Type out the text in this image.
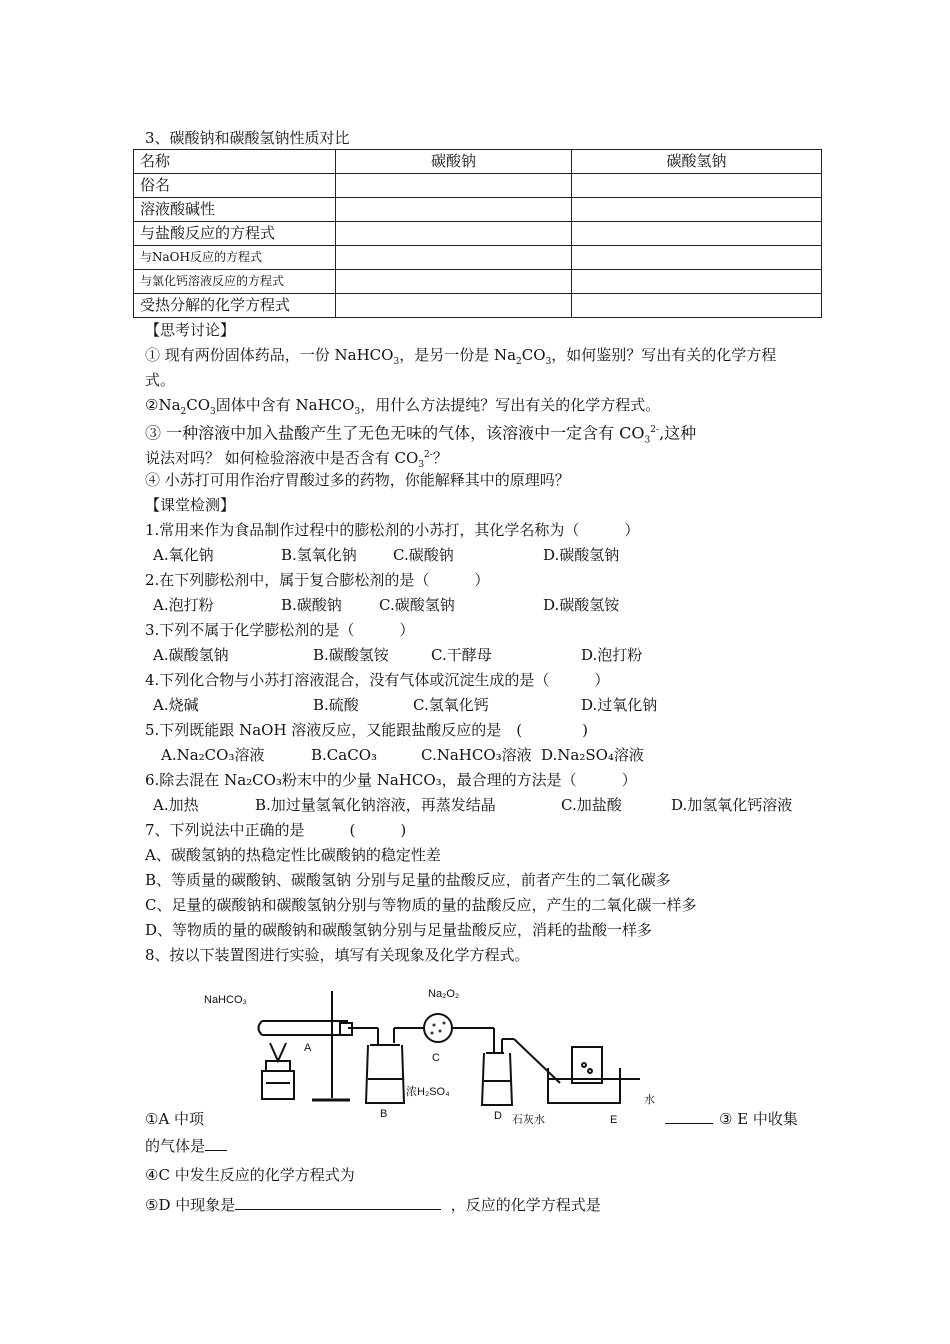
3、碳酸钠和碳酸氢钠性质对比
名称	碳酸钠	碳酸氢钠
俗名		
溶液酸碱性		
与盐酸反应的方程式		
与NaOH反应的方程式		
与氯化钙溶液反应的方程式		
受热分解的化学方程式		
【思考讨论】
① 现有两份固体药品，一份 NaHCO$_3$，是另一份是 $Na_2CO_3$，如何鉴别？写出有关的化学方程
式。
$②Na_2CO_3$固体中含有 NaHCO$_3$，用什么方法提纯？写出有关的化学方程式。
③ 一种溶液中加入盐酸产生了无色无味的气体，该溶液中一定含有 $CO_3^{2-}$,这种
说法对吗？ 如何检验溶液中是否含有 $CO_3^{2-}$？
④ 小苏打可用作治疗胃酸过多的药物，你能解释其中的原理吗？
【课堂检测】
1.常用来作为食品制作过程中的膨松剂的小苏打，其化学名称为（　　　）
A.氧化钠	B.氢氧化钠	C.碳酸钠	D.碳酸氢钠
2.在下列膨松剂中，属于复合膨松剂的是（　　　）
A.泡打粉	B.碳酸钠	C.碳酸氢钠	D.碳酸氢铵
3.下列不属于化学膨松剂的是（　　　）
A.碳酸氢钠	B.碳酸氢铵	C.干酵母	D.泡打粉
4.下列化合物与小苏打溶液混合，没有气体或沉淀生成的是（　　　）
A.烧碱	B.硫酸	C.氢氧化钙	D.过氧化钠
5.下列既能跟 NaOH 溶液反应，又能跟盐酸反应的是　(　　　　)
A.Na₂CO₃溶液	B.CaCO₃	C.NaHCO₃溶液 D.Na₂SO₄溶液
6.除去混在 Na₂CO₃粉末中的少量 NaHCO₃，最合理的方法是（　　　）
A.加热	B.加过量氢氧化钠溶液，再蒸发结晶	C.加盐酸	D.加氢氧化钙溶液
7、下列说法中正确的是　　　(　　　)
A、碳酸氢钠的热稳定性比碳酸钠的稳定性差
B、等质量的碳酸钠、碳酸氢钠 分别与足量的盐酸反应，前者产生的二氧化碳多
C、足量的碳酸钠和碳酸氢钠分别与等物质的量的盐酸反应，产生的二氧化碳一样多
D、等物质的量的碳酸钠和碳酸氢钠分别与足量盐酸反应，消耗的盐酸一样多
8、按以下装置图进行实验，填写有关现象及化学方程式。
NaHCO₃	Na₂O₂
A
C
浓H₂SO₄
B	D 石灰水	E
水
①A 中项	③ E 中收集
的气体是
④C 中发生反应的化学方程式为
⑤D 中现象是	，反应的化学方程式是
